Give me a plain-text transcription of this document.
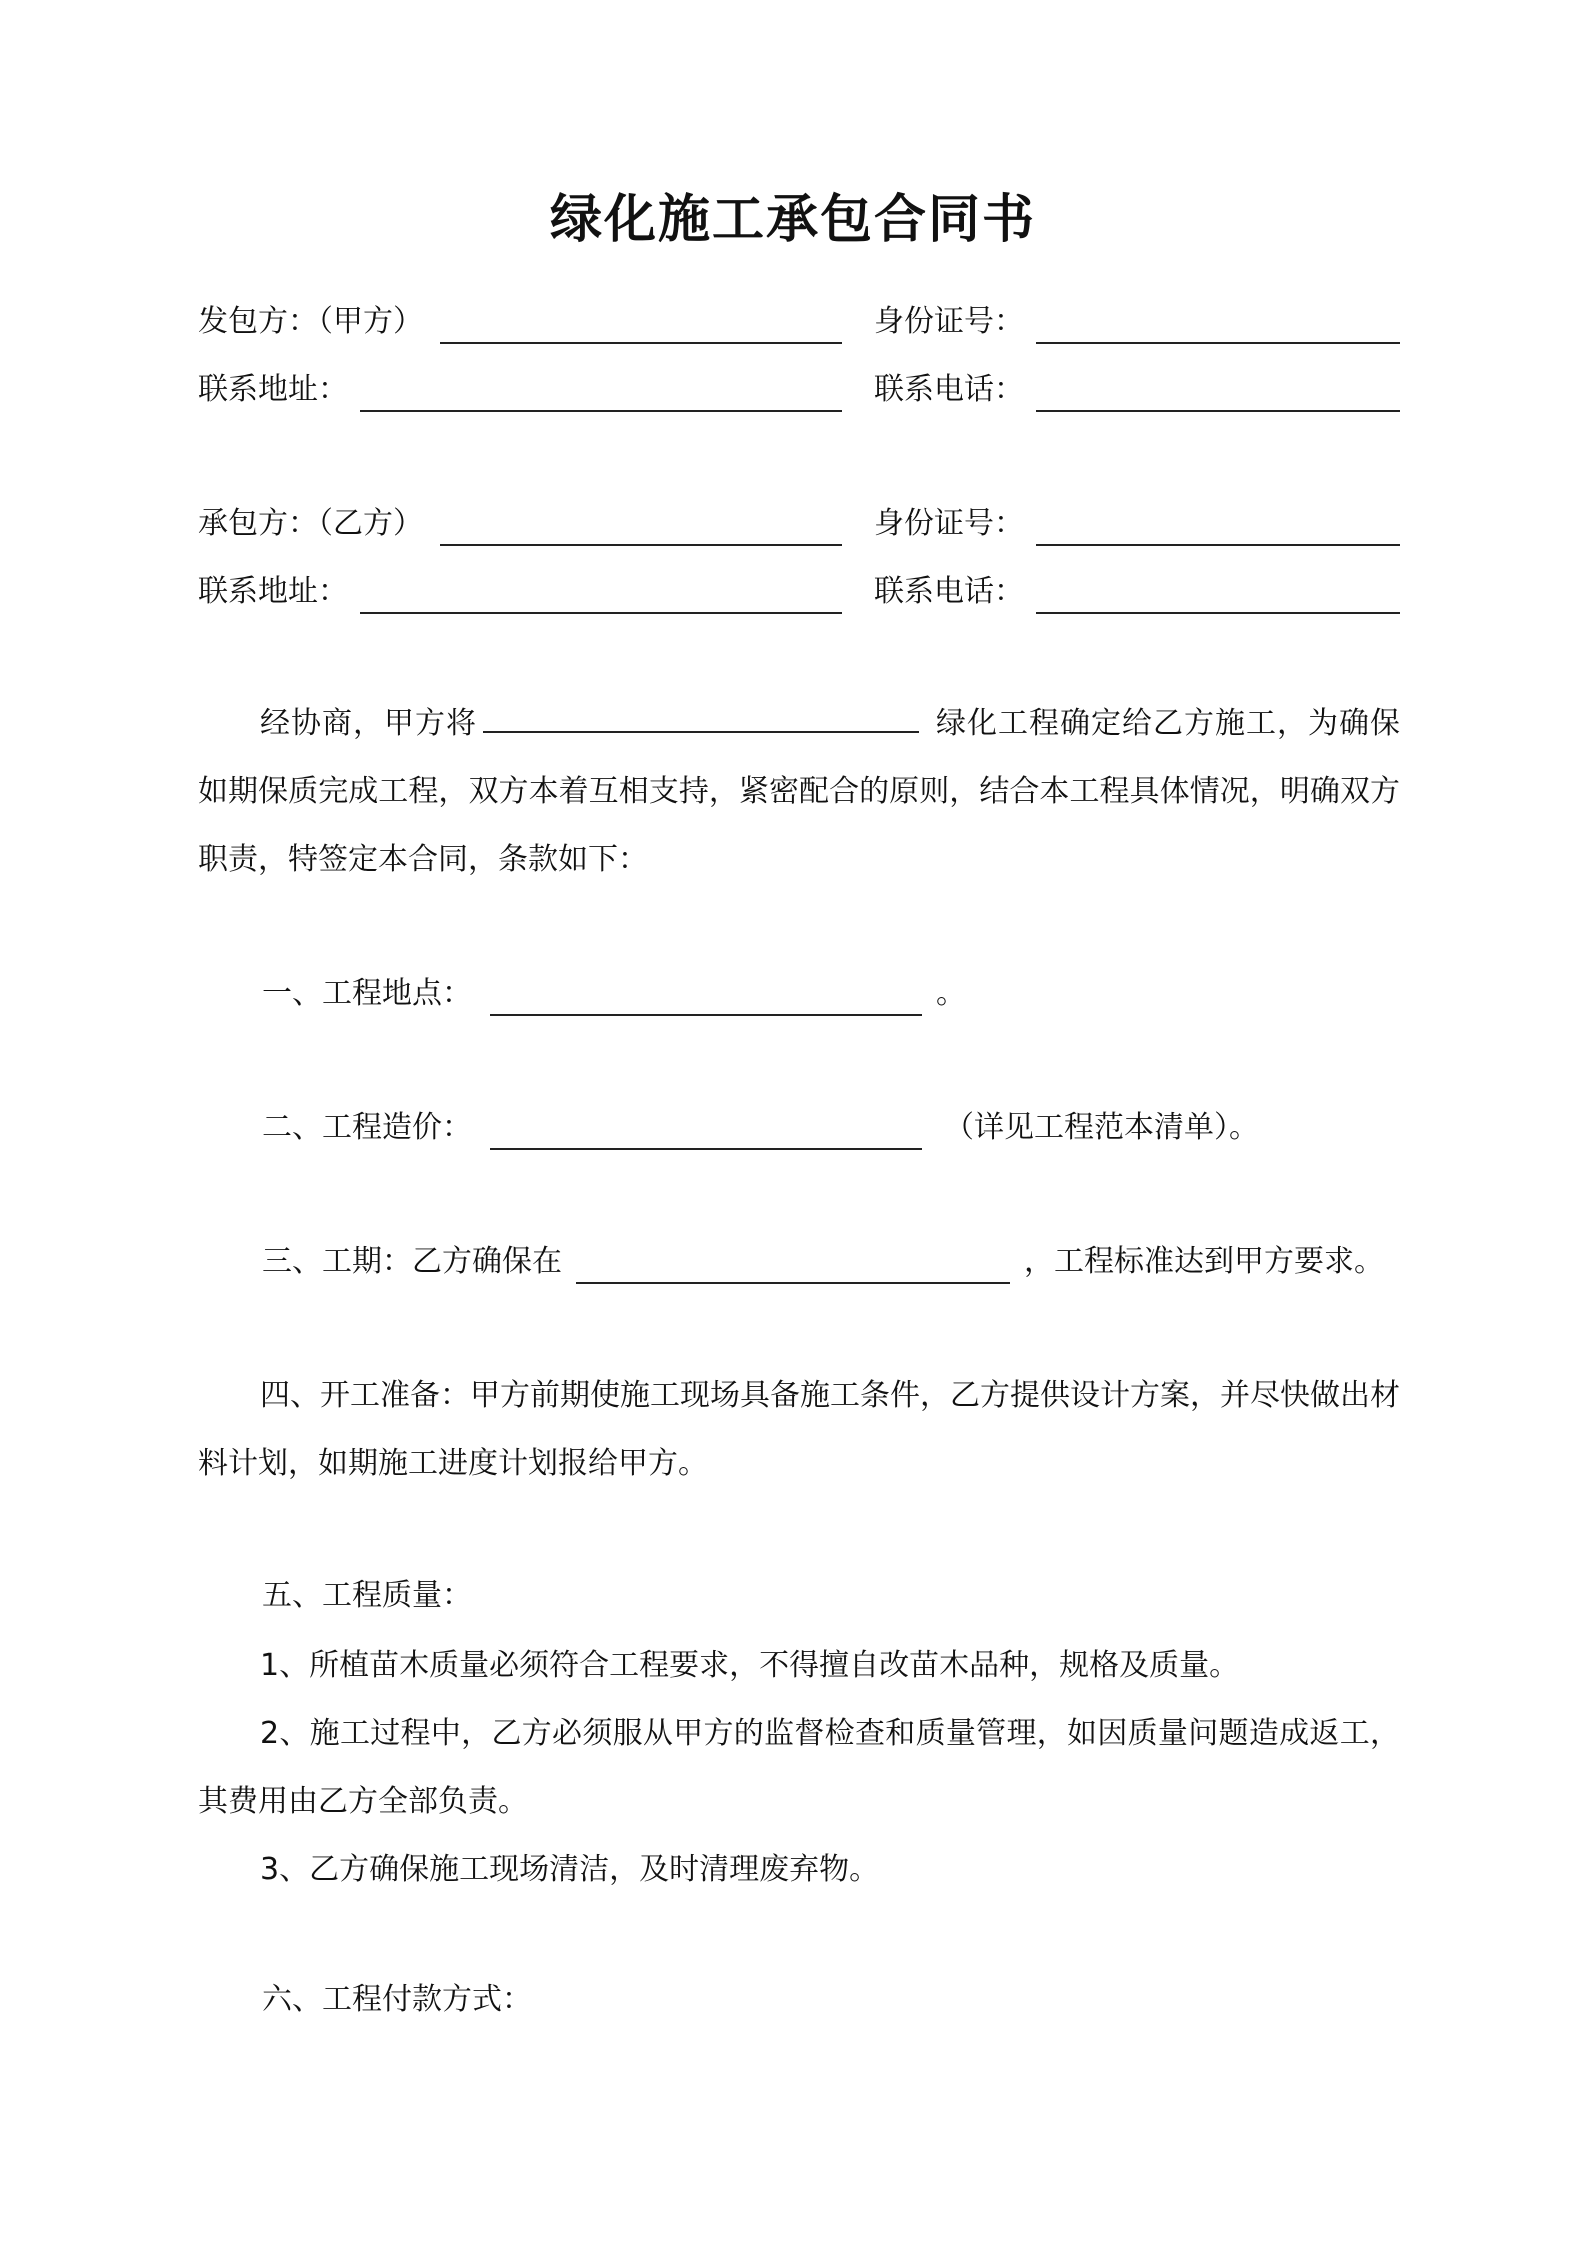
绿化施工承包合同书
发包方：（甲方）	身份证号：
联系地址：	联系电话：
承包方：（乙方）	身份证号：
联系地址：	联系电话：
经协商，甲方将	绿化工程确定给乙方施工，为确保如期保质完成工程，双方本着互相支持，紧密配合的原则，结合本工程具体情况，明确双方职责，特签定本合同，条款如下：
一、工程地点：	。
二、工程造价：	（详见工程范本清单）。
三、工期：乙方确保在	，工程标准达到甲方要求。
四、开工准备：甲方前期使施工现场具备施工条件，乙方提供设计方案，并尽快做出材料计划，如期施工进度计划报给甲方。
五、工程质量：
1、所植苗木质量必须符合工程要求，不得擅自改苗木品种，规格及质量。
2、施工过程中，乙方必须服从甲方的监督检查和质量管理，如因质量问题造成返工，其费用由乙方全部负责。
3、乙方确保施工现场清洁，及时清理废弃物。
六、工程付款方式：
